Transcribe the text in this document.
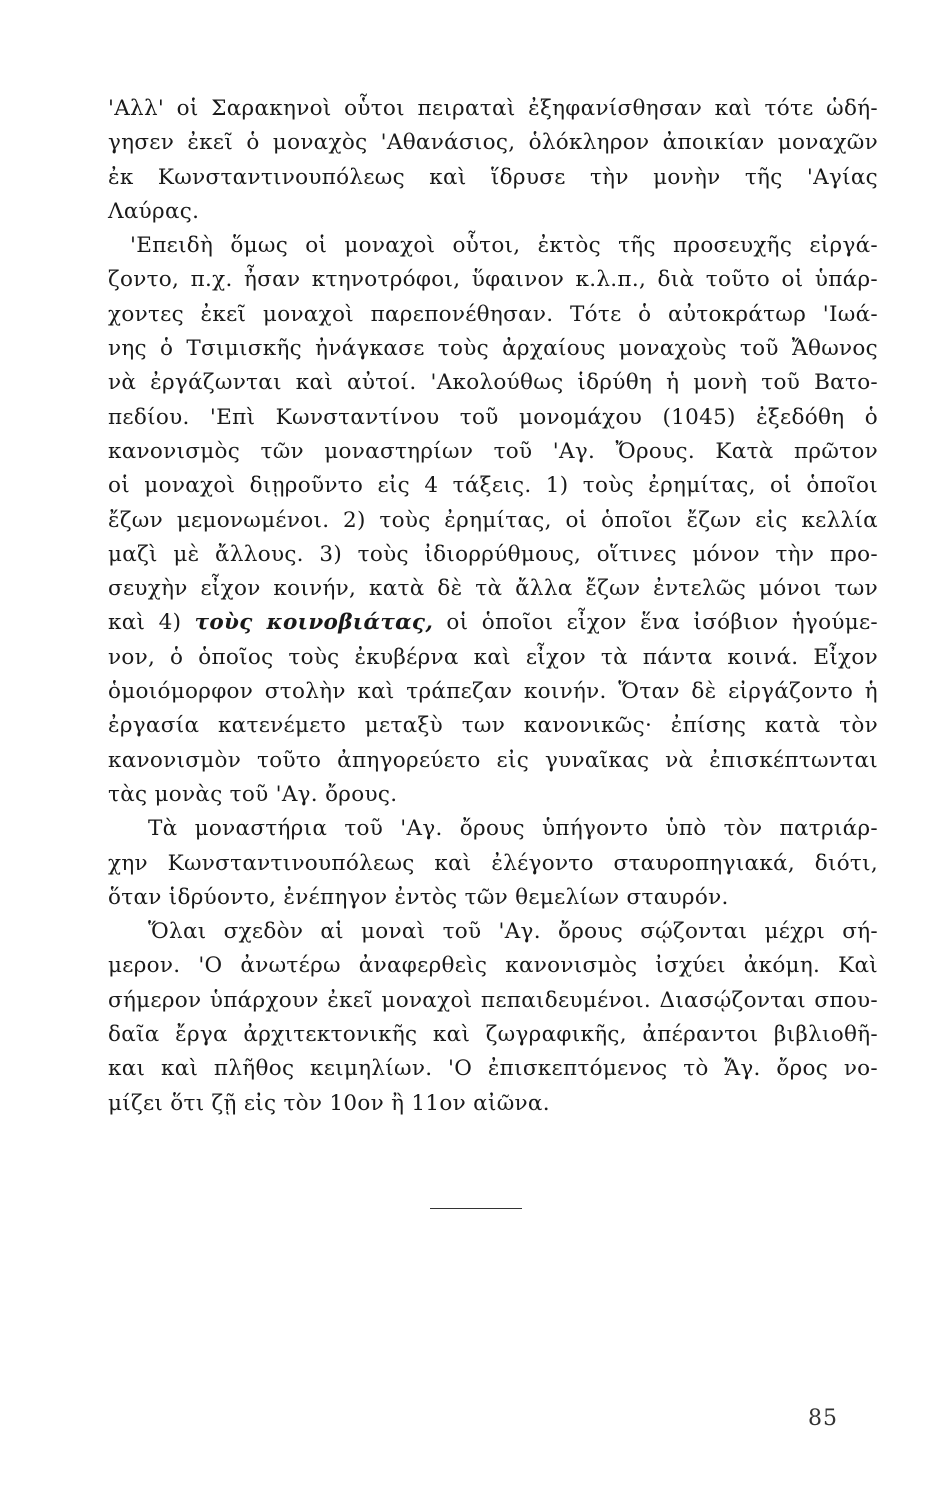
'Αλλ' οἱ Σαρακηνοὶ οὗτοι πειραταὶ ἐξηφανίσθησαν καὶ τότε ὡδή-
γησεν ἐκεῖ ὁ μοναχὸς 'Αθανάσιος, ὁλόκληρον ἀποικίαν μοναχῶν
ἐκ Κωνσταντινουπόλεως καὶ ἵδρυσε τὴν μονὴν τῆς 'Αγίας
Λαύρας.
'Επειδὴ ὅμως οἱ μοναχοὶ οὗτοι, ἐκτὸς τῆς προσευχῆς εἰργά-
ζοντο, π.χ. ἦσαν κτηνοτρόφοι, ὕφαινον κ.λ.π., διὰ τοῦτο οἱ ὑπάρ-
χοντες ἐκεῖ μοναχοὶ παρεπονέθησαν. Τότε ὁ αὐτοκράτωρ 'Ιωά-
νης ὁ Τσιμισκῆς ἠνάγκασε τοὺς ἀρχαίους μοναχοὺς τοῦ Ἄθωνος
νὰ ἐργάζωνται καὶ αὐτοί. 'Ακολούθως ἱδρύθη ἡ μονὴ τοῦ Βατο-
πεδίου. 'Επὶ Κωνσταντίνου τοῦ μονομάχου (1045) ἐξεδόθη ὁ
κανονισμὸς τῶν μοναστηρίων τοῦ 'Αγ. Ὄρους. Κατὰ πρῶτον
οἱ μοναχοὶ διῃροῦντο εἰς 4 τάξεις. 1) τοὺς ἐρημίτας, οἱ ὁποῖοι
ἔζων μεμονωμένοι. 2) τοὺς ἐρημίτας, οἱ ὁποῖοι ἔζων εἰς κελλία
μαζὶ μὲ ἄλλους. 3) τοὺς ἰδιορρύθμους, οἵτινες μόνον τὴν προ-
σευχὴν εἶχον κοινήν, κατὰ δὲ τὰ ἄλλα ἔζων ἐντελῶς μόνοι των
καὶ 4) τοὺς κοινοβιάτας, οἱ ὁποῖοι εἶχον ἕνα ἰσόβιον ἡγούμε-
νον, ὁ ὁποῖος τοὺς ἐκυβέρνα καὶ εἶχον τὰ πάντα κοινά. Εἶχον
ὁμοιόμορφον στολὴν καὶ τράπεζαν κοινήν. Ὅταν δὲ εἰργάζοντο ἡ
ἐργασία κατενέμετο μεταξὺ των κανονικῶς· ἐπίσης κατὰ τὸν
κανονισμὸν τοῦτο ἀπηγορεύετο εἰς γυναῖκας νὰ ἐπισκέπτωνται
τὰς μονὰς τοῦ 'Αγ. ὄρους.
Τὰ μοναστήρια τοῦ 'Αγ. ὄρους ὑπήγοντο ὑπὸ τὸν πατριάρ-
χην Κωνσταντινουπόλεως καὶ ἐλέγοντο σταυροπηγιακά, διότι,
ὅταν ἱδρύοντο, ἐνέπηγον ἐντὸς τῶν θεμελίων σταυρόν.
Ὅλαι σχεδὸν αἱ μοναὶ τοῦ 'Αγ. ὄρους σῴζονται μέχρι σή-
μερον. 'Ο ἀνωτέρω ἀναφερθεὶς κανονισμὸς ἰσχύει ἀκόμη. Καὶ
σήμερον ὑπάρχουν ἐκεῖ μοναχοὶ πεπαιδευμένοι. Διασῴζονται σπου-
δαῖα ἔργα ἀρχιτεκτονικῆς καὶ ζωγραφικῆς, ἀπέραντοι βιβλιοθῆ-
και καὶ πλῆθος κειμηλίων. 'Ο ἐπισκεπτόμενος τὸ Ἄγ. ὄρος νο-
μίζει ὅτι ζῇ εἰς τὸν 10ον ἢ 11ον αἰῶνα.
85
